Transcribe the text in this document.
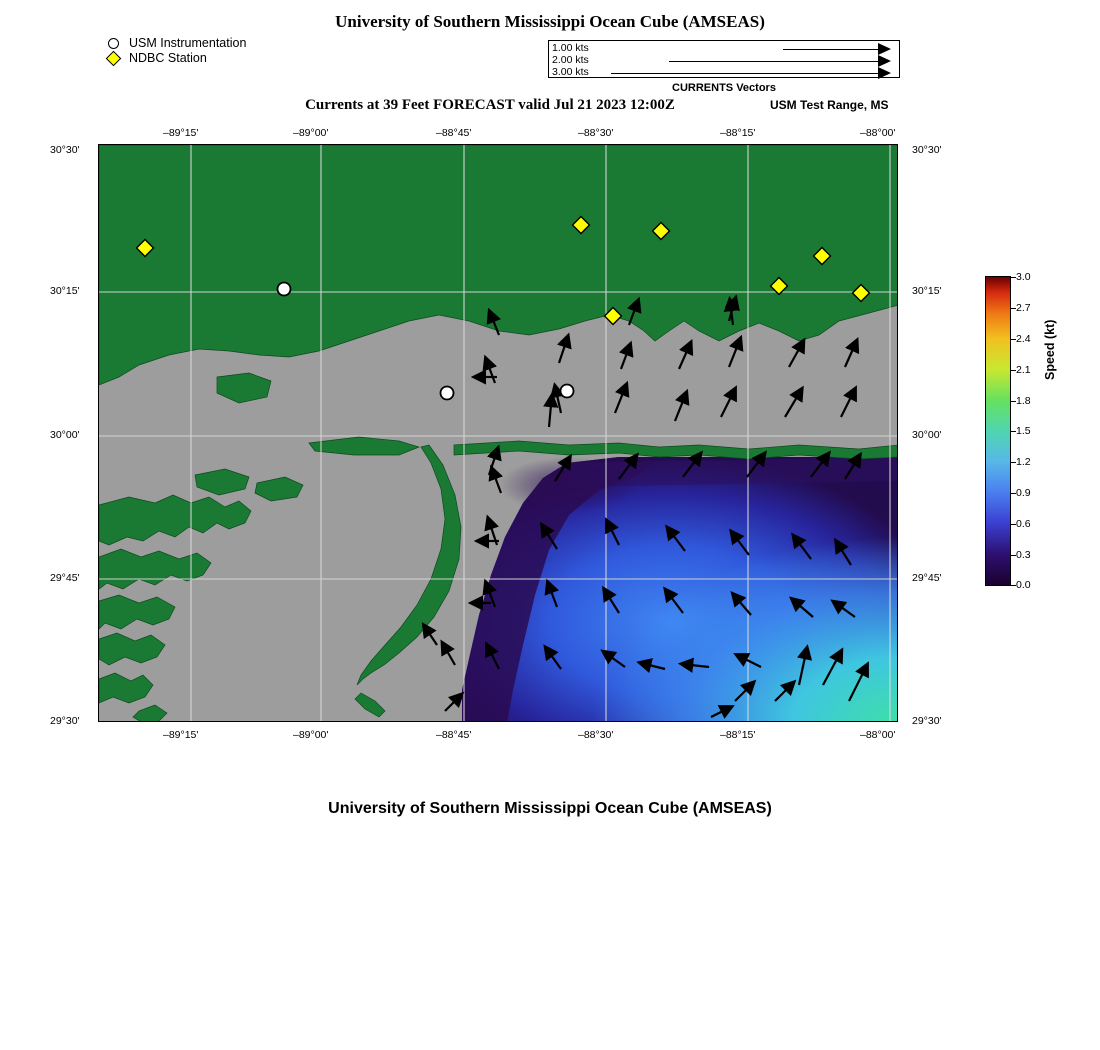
University of Southern Mississippi Ocean Cube (AMSEAS)
USM Instrumentation
NDBC Station
1.00 kts
2.00 kts
3.00 kts
CURRENTS Vectors
Currents at 39 Feet FORECAST valid Jul 21 2023 12:00Z	USM Test Range, MS
–89°15'	–89°00'	–88°45'	–88°30'	–88°15'	–88°00'
–89°15'	–89°00'	–88°45'	–88°30'	–88°15'	–88°00'
30°30'
30°15'
30°00'
29°45'
29°30'
30°30'
30°15'
30°00'
29°45'
29°30'
3.0
2.7
2.4
2.1
1.8
1.5
1.2
0.9
0.6
0.3
0.0
Speed (kt)
University of Southern Mississippi Ocean Cube (AMSEAS)
